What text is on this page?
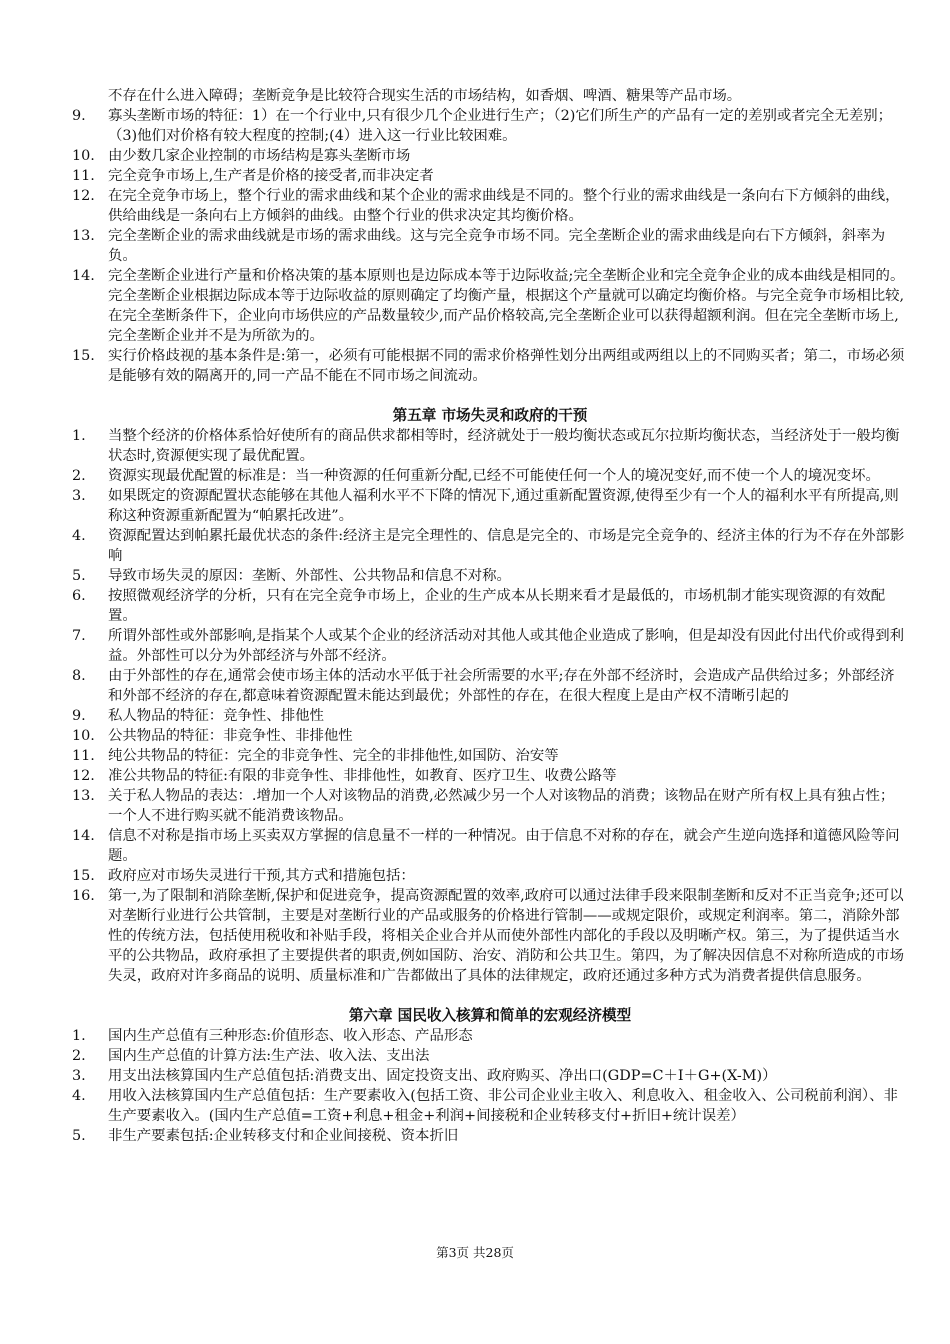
不存在什么进入障碍；垄断竞争是比较符合现实生活的市场结构，如香烟、啤酒、糖果等产品市场。
9.	寡头垄断市场的特征：1）在一个行业中,只有很少几个企业进行生产；（2)它们所生产的产品有一定的差别或者完全无差别；（3)他们对价格有较大程度的控制;(4）进入这一行业比较困难。
10. 由少数几家企业控制的市场结构是寡头垄断市场
11. 完全竞争市场上,生产者是价格的接受者,而非决定者
12. 在完全竞争市场上，整个行业的需求曲线和某个企业的需求曲线是不同的。整个行业的需求曲线是一条向右下方倾斜的曲线，供给曲线是一条向右上方倾斜的曲线。由整个行业的供求决定其均衡价格。
13. 完全垄断企业的需求曲线就是市场的需求曲线。这与完全竞争市场不同。完全垄断企业的需求曲线是向右下方倾斜，斜率为负。
14. 完全垄断企业进行产量和价格决策的基本原则也是边际成本等于边际收益;完全垄断企业和完全竞争企业的成本曲线是相同的。完全垄断企业根据边际成本等于边际收益的原则确定了均衡产量，根据这个产量就可以确定均衡价格。与完全竞争市场相比较,在完全垄断条件下，企业向市场供应的产品数量较少,而产品价格较高,完全垄断企业可以获得超额利润。但在完全垄断市场上,完全垄断企业并不是为所欲为的。
15. 实行价格歧视的基本条件是:第一，必须有可能根据不同的需求价格弹性划分出两组或两组以上的不同购买者；第二，市场必须是能够有效的隔离开的,同一产品不能在不同市场之间流动。
第五章 市场失灵和政府的干预
1.	当整个经济的价格体系恰好使所有的商品供求都相等时，经济就处于一般均衡状态或瓦尔拉斯均衡状态，当经济处于一般均衡状态时,资源便实现了最优配置。
2.	资源实现最优配置的标准是：当一种资源的任何重新分配,已经不可能使任何一个人的境况变好,而不使一个人的境况变坏。
3.	如果既定的资源配置状态能够在其他人福利水平不下降的情况下,通过重新配置资源,使得至少有一个人的福利水平有所提高,则称这种资源重新配置为“帕累托改进”。
4.	资源配置达到帕累托最优状态的条件:经济主是完全理性的、信息是完全的、市场是完全竞争的、经济主体的行为不存在外部影响
5.	导致市场失灵的原因：垄断、外部性、公共物品和信息不对称。
6.	按照微观经济学的分析，只有在完全竞争市场上，企业的生产成本从长期来看才是最低的，市场机制才能实现资源的有效配置。
7.	所谓外部性或外部影响,是指某个人或某个企业的经济活动对其他人或其他企业造成了影响，但是却没有因此付出代价或得到利益。外部性可以分为外部经济与外部不经济。
8.	由于外部性的存在,通常会使市场主体的活动水平低于社会所需要的水平;存在外部不经济时，会造成产品供给过多；外部经济和外部不经济的存在,都意味着资源配置未能达到最优；外部性的存在，在很大程度上是由产权不清晰引起的
9.	私人物品的特征：竞争性、排他性
10. 公共物品的特征：非竞争性、非排他性
11. 纯公共物品的特征：完全的非竞争性、完全的非排他性,如国防、治安等
12. 准公共物品的特征:有限的非竞争性、非排他性，如教育、医疗卫生、收费公路等
13. 关于私人物品的表达：.增加一个人对该物品的消费,必然减少另一个人对该物品的消费；该物品在财产所有权上具有独占性；一个人不进行购买就不能消费该物品。
14. 信息不对称是指市场上买卖双方掌握的信息量不一样的一种情况。由于信息不对称的存在，就会产生逆向选择和道德风险等问题。
15. 政府应对市场失灵进行干预,其方式和措施包括：
16. 第一,为了限制和消除垄断,保护和促进竞争，提高资源配置的效率,政府可以通过法律手段来限制垄断和反对不正当竞争;还可以对垄断行业进行公共管制，主要是对垄断行业的产品或服务的价格进行管制——或规定限价，或规定利润率。第二，消除外部性的传统方法，包括使用税收和补贴手段，将相关企业合并从而使外部性内部化的手段以及明晰产权。第三，为了提供适当水平的公共物品，政府承担了主要提供者的职责,例如国防、治安、消防和公共卫生。第四，为了解决因信息不对称所造成的市场失灵，政府对许多商品的说明、质量标准和广告都做出了具体的法律规定，政府还通过多种方式为消费者提供信息服务。
第六章 国民收入核算和简单的宏观经济模型
1.	国内生产总值有三种形态:价值形态、收入形态、产品形态
2.	国内生产总值的计算方法:生产法、收入法、支出法
3.	用支出法核算国内生产总值包括:消费支出、固定投资支出、政府购买、净出口(GDP=C＋I＋G+(X-M)）
4.	用收入法核算国内生产总值包括：生产要素收入(包括工资、非公司企业业主收入、利息收入、租金收入、公司税前利润）、非生产要素收入。(国内生产总值=工资+利息+租金+利润+间接税和企业转移支付+折旧+统计误差）
5.	非生产要素包括:企业转移支付和企业间接税、资本折旧
第3页 共28页
